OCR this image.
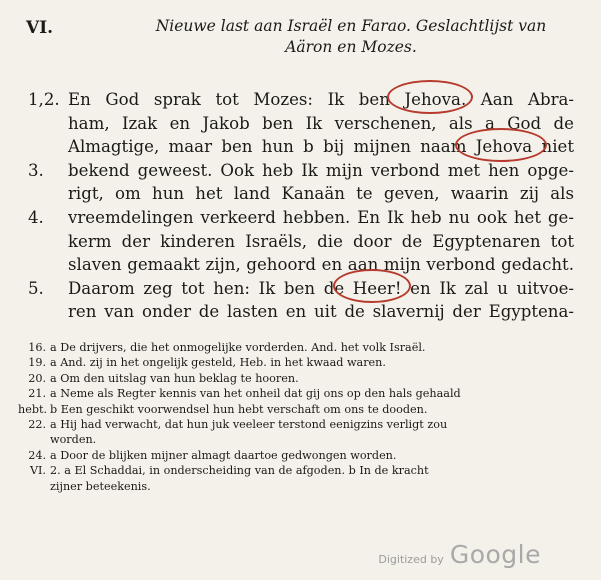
VI.	Nieuwe last aan Israël en Farao. Geslachtlijst van
Aäron en Mozes.
1,2. En God sprak tot Mozes: Ik ben Jehova. Aan Abra-
ham, Izak en Jakob ben Ik verschenen, als a God de
Almagtige, maar ben hun b bij mijnen naam Jehova niet
3. bekend geweest. Ook heb Ik mijn verbond met hen opge-
rigt, om hun het land Kanaän te geven, waarin zij als
4. vreemdelingen verkeerd hebben. En Ik heb nu ook het ge-
kerm der kinderen Israëls, die door de Egyptenaren tot
slaven gemaakt zijn, gehoord en aan mijn verbond gedacht.
5. Daarom zeg tot hen: Ik ben de Heer! en Ik zal u uitvoe-
ren van onder de lasten en uit de slavernij der Egyptena-
16. a De drijvers, die het onmogelijke vorderden. And. het volk Israël.
19. a And. zij in het ongelijk gesteld, Heb. in het kwaad waren.
20. a Om den uitslag van hun beklag te hooren.
21. a Neme als Regter kennis van het onheil dat gij ons op den hals gehaald
hebt. b Een geschikt voorwendsel hun hebt verschaft om ons te dooden.
22. a Hij had verwacht, dat hun juk veeleer terstond eenigzins verligt zou
worden.
24. a Door de blijken mijner almagt daartoe gedwongen worden.
VI. 2. a El Schaddai, in onderscheiding van de afgoden. b In de kracht
zijner beteekenis.
Digitized by Google
